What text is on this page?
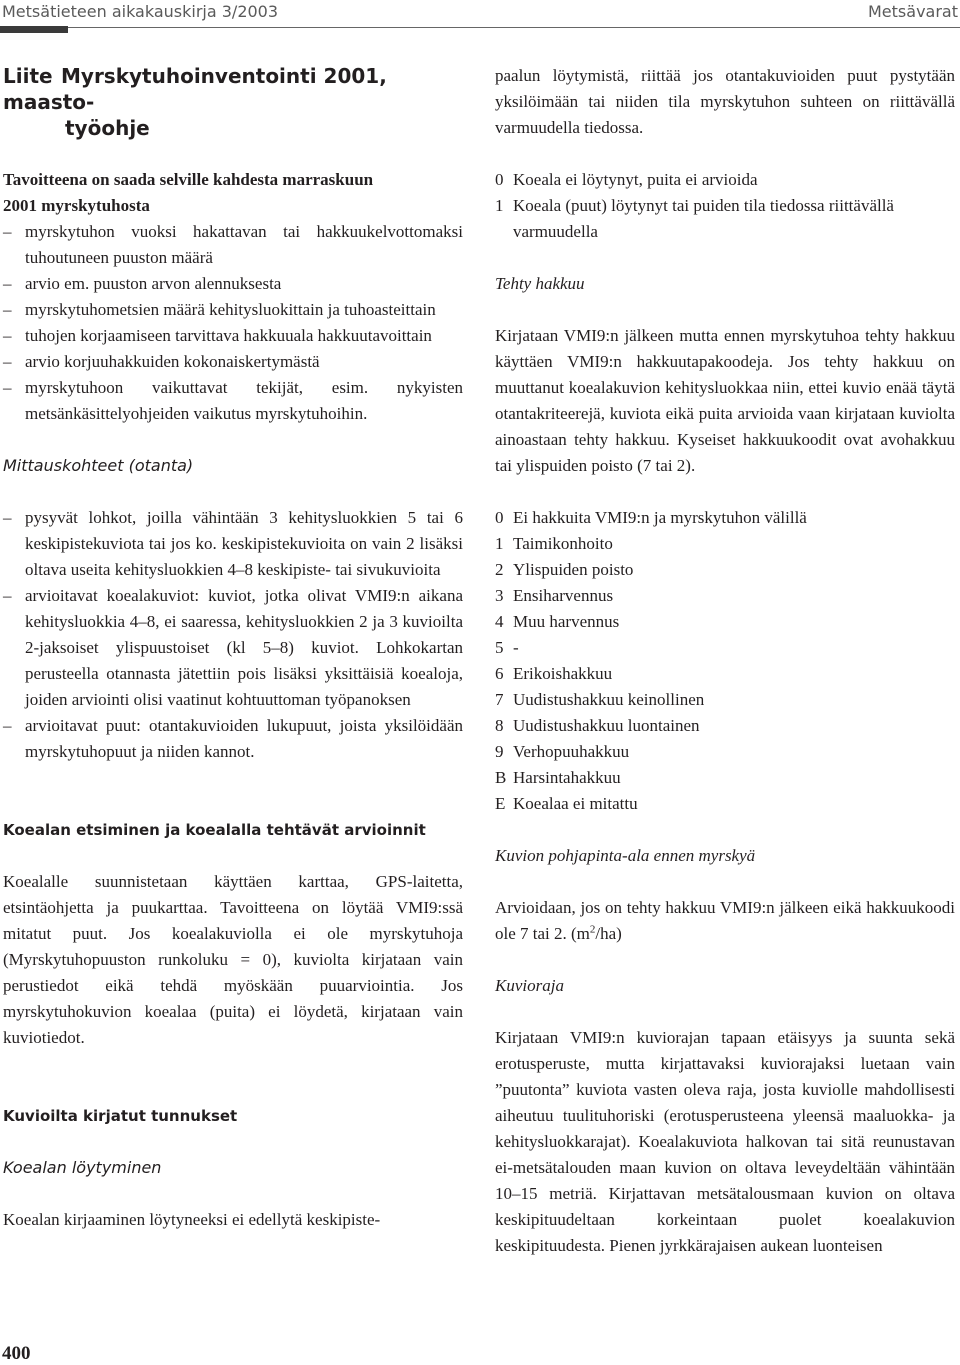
Metsätieteen aikakauskirja 3/2003	Metsävarat
Liite Myrskytuhoinventointi 2001, maasto-
työohje

Tavoitteena on saada selville kahdesta marraskuun
2001 myrskytuhosta

– myrskytuhon vuoksi hakattavan tai hakkuukelvottomaksi tuhoutuneen puuston määrä
– arvio em. puuston arvon alennuksesta
– myrskytuhometsien määrä kehitysluokittain ja tuhoasteittain
– tuhojen korjaamiseen tarvittava hakkuuala hakkuutavoittain
– arvio korjuuhakkuiden kokonaiskertymästä
– myrskytuhoon vaikuttavat tekijät, esim. nykyisten metsänkäsittelyohjeiden vaikutus myrskytuhoihin.

Mittauskohteet (otanta)

– pysyvät lohkot, joilla vähintään 3 kehitysluokkien 5 tai 6 keskipistekuviota tai jos ko. keskipistekuvioita on vain 2 lisäksi oltava useita kehitysluokkien 4–8 keskipiste- tai sivukuvioita
– arvioitavat koealakuviot: kuviot, jotka olivat VMI9:n aikana kehitysluokkia 4–8, ei saaressa, kehitysluokkien 2 ja 3 kuvioilta 2-jaksoiset ylispuustoiset (kl 5–8) kuviot. Lohkokartan perusteella otannasta jätettiin pois lisäksi yksittäisiä koealoja, joiden arviointi olisi vaatinut kohtuuttoman työpanoksen
– arvioitavat puut: otantakuvioiden lukupuut, joista yksilöidään myrskytuhopuut ja niiden kannot.

Koealan etsiminen ja koealalla tehtävät arvioinnit

Koealalle suunnistetaan käyttäen karttaa, GPS-laitetta, etsintäohjetta ja puukarttaa. Tavoitteena on löytää VMI9:ssä mitatut puut. Jos koealakuviolla ei ole myrskytuhoja (Myrskytuhopuuston runkoluku = 0), kuviolta kirjataan vain perustiedot eikä tehdä myöskään puuarviointia. Jos myrskytuhokuvion koealaa (puita) ei löydetä, kirjataan vain kuviotiedot.

Kuvioilta kirjatut tunnukset

Koealan löytyminen

Koealan kirjaaminen löytyneeksi ei edellytä keskipiste-

paalun löytymistä, riittää jos otantakuvioiden puut pystytään yksilöimään tai niiden tila myrskytuhon suhteen on riittävällä varmuudella tiedossa.

0 Koeala ei löytynyt, puita ei arvioida
1 Koeala (puut) löytynyt tai puiden tila tiedossa riittävällä varmuudella

Tehty hakkuu

Kirjataan VMI9:n jälkeen mutta ennen myrskytuhoa tehty hakkuu käyttäen VMI9:n hakkuutapakoodeja. Jos tehty hakkuu on muuttanut koealakuvion kehitysluokkaa niin, ettei kuvio enää täytä otantakriteerejä, kuviota eikä puita arvioida vaan kirjataan kuviolta ainoastaan tehty hakkuu. Kyseiset hakkuukoodit ovat avohakkuu tai ylispuiden poisto (7 tai 2).

0 Ei hakkuita VMI9:n ja myrskytuhon välillä
1 Taimikonhoito
2 Ylispuiden poisto
3 Ensiharvennus
4 Muu harvennus
5 -
6 Erikoishakkuu
7 Uudistushakkuu keinollinen
8 Uudistushakkuu luontainen
9 Verhopuuhakkuu
B Harsintahakkuu
E Koealaa ei mitattu

Kuvion pohjapinta-ala ennen myrskyä

Arvioidaan, jos on tehty hakkuu VMI9:n jälkeen eikä hakkuukoodi ole 7 tai 2. $(m^2/ha)$

Kuvioraja

Kirjataan VMI9:n kuviorajan tapaan etäisyys ja suunta sekä erotusperuste, mutta kirjattavaksi kuviorajaksi luetaan vain ”puutonta” kuviota vasten oleva raja, josta kuviolle mahdollisesti aiheutuu tuulituhoriski (erotusperusteena yleensä maaluokka- ja kehitysluokkarajat). Koealakuviota halkovan tai sitä reunustavan ei-metsätalouden maan kuvion on oltava leveydeltään vähintään 10–15 metriä. Kirjattavan metsätalousmaan kuvion on oltava keskipituudeltaan korkeintaan puolet koealakuvion keskipituudesta. Pienen jyrkkärajaisen aukean luonteisen

400
